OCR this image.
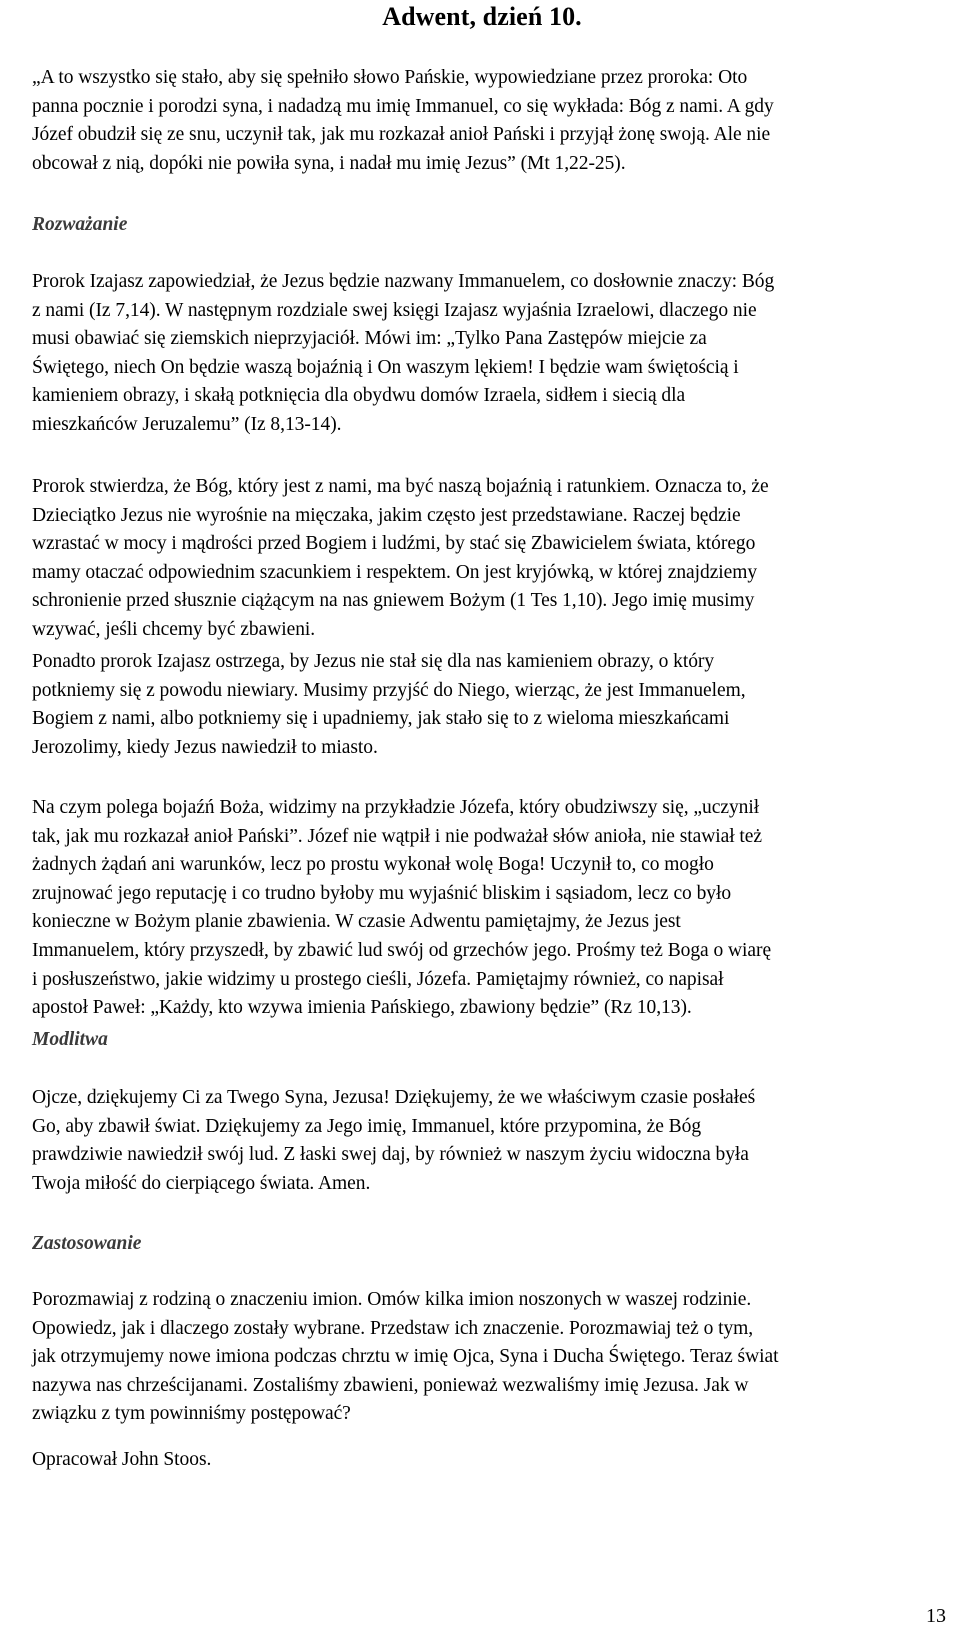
Adwent, dzień 10.

„A to wszystko się stało, aby się spełniło słowo Pańskie, wypowiedziane przez proroka: Oto
panna pocznie i porodzi syna, i nadadzą mu imię Immanuel, co się wykłada: Bóg z nami. A gdy
Józef obudził się ze snu, uczynił tak, jak mu rozkazał anioł Pański i przyjął żonę swoją. Ale nie
obcował z nią, dopóki nie powiła syna, i nadał mu imię Jezus” (Mt 1,22-25).

Rozważanie

Prorok Izajasz zapowiedział, że Jezus będzie nazwany Immanuelem, co dosłownie znaczy: Bóg
z nami (Iz 7,14). W następnym rozdziale swej księgi Izajasz wyjaśnia Izraelowi, dlaczego nie
musi obawiać się ziemskich nieprzyjaciół. Mówi im: „Tylko Pana Zastępów miejcie za
Świętego, niech On będzie waszą bojaźnią i On waszym lękiem! I będzie wam świętością i
kamieniem obrazy, i skałą potknięcia dla obydwu domów Izraela, sidłem i siecią dla
mieszkańców Jeruzalemu” (Iz 8,13-14).

Prorok stwierdza, że Bóg, który jest z nami, ma być naszą bojaźnią i ratunkiem. Oznacza to, że
Dzieciątko Jezus nie wyrośnie na mięczaka, jakim często jest przedstawiane. Raczej będzie
wzrastać w mocy i mądrości przed Bogiem i ludźmi, by stać się Zbawicielem świata, którego
mamy otaczać odpowiednim szacunkiem i respektem. On jest kryjówką, w której znajdziemy
schronienie przed słusznie ciążącym na nas gniewem Bożym (1 Tes 1,10). Jego imię musimy
wzywać, jeśli chcemy być zbawieni.

Ponadto prorok Izajasz ostrzega, by Jezus nie stał się dla nas kamieniem obrazy, o który
potkniemy się z powodu niewiary. Musimy przyjść do Niego, wierząc, że jest Immanuelem,
Bogiem z nami, albo potkniemy się i upadniemy, jak stało się to z wieloma mieszkańcami
Jerozolimy, kiedy Jezus nawiedził to miasto.

Na czym polega bojaźń Boża, widzimy na przykładzie Józefa, który obudziwszy się, „uczynił
tak, jak mu rozkazał anioł Pański”. Józef nie wątpił i nie podważał słów anioła, nie stawiał też
żadnych żądań ani warunków, lecz po prostu wykonał wolę Boga! Uczynił to, co mogło
zrujnować jego reputację i co trudno byłoby mu wyjaśnić bliskim i sąsiadom, lecz co było
konieczne w Bożym planie zbawienia. W czasie Adwentu pamiętajmy, że Jezus jest
Immanuelem, który przyszedł, by zbawić lud swój od grzechów jego. Prośmy też Boga o wiarę
i posłuszeństwo, jakie widzimy u prostego cieśli, Józefa. Pamiętajmy również, co napisał
apostoł Paweł: „Każdy, kto wzywa imienia Pańskiego, zbawiony będzie” (Rz 10,13).

Modlitwa

Ojcze, dziękujemy Ci za Twego Syna, Jezusa! Dziękujemy, że we właściwym czasie posłałeś
Go, aby zbawił świat. Dziękujemy za Jego imię, Immanuel, które przypomina, że Bóg
prawdziwie nawiedził swój lud. Z łaski swej daj, by również w naszym życiu widoczna była
Twoja miłość do cierpiącego świata. Amen.

Zastosowanie

Porozmawiaj z rodziną o znaczeniu imion. Omów kilka imion noszonych w waszej rodzinie.
Opowiedz, jak i dlaczego zostały wybrane. Przedstaw ich znaczenie. Porozmawiaj też o tym,
jak otrzymujemy nowe imiona podczas chrztu w imię Ojca, Syna i Ducha Świętego. Teraz świat
nazywa nas chrześcijanami. Zostaliśmy zbawieni, ponieważ wezwaliśmy imię Jezusa. Jak w
związku z tym powinniśmy postępować?

Opracował John Stoos.

13
